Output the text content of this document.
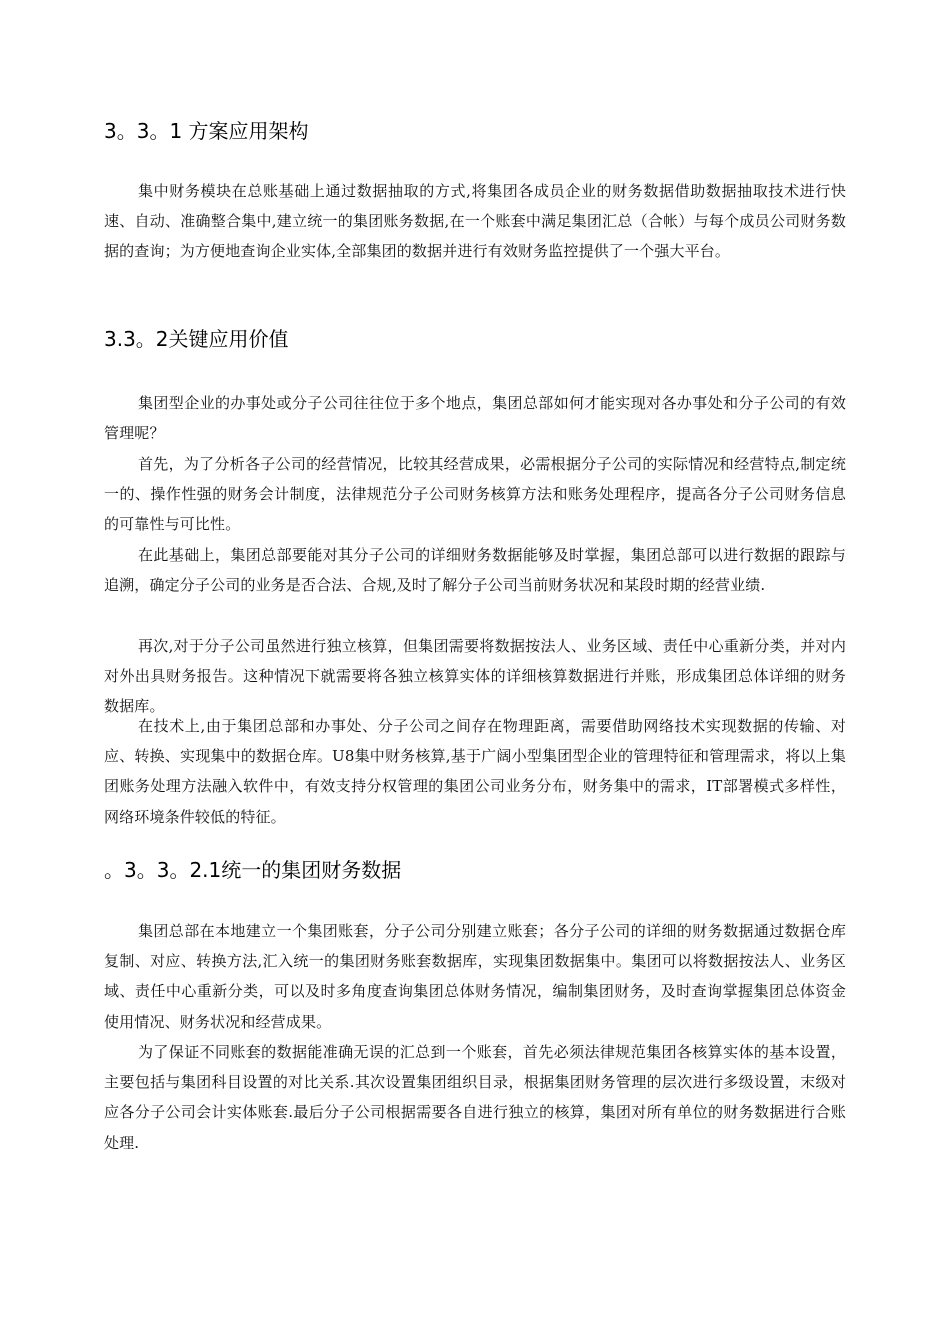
3。3。1 方案应用架构

集中财务模块在总账基础上通过数据抽取的方式,将集团各成员企业的财务数据借助数据抽取技术进行快速、自动、准确整合集中,建立统一的集团账务数据,在一个账套中满足集团汇总（合帐）与每个成员公司财务数据的查询；为方便地查询企业实体,全部集团的数据并进行有效财务监控提供了一个强大平台。

3.3。2关键应用价值

集团型企业的办事处或分子公司往往位于多个地点，集团总部如何才能实现对各办事处和分子公司的有效管理呢？

首先，为了分析各子公司的经营情况，比较其经营成果，必需根据分子公司的实际情况和经营特点,制定统一的、操作性强的财务会计制度，法律规范分子公司财务核算方法和账务处理程序，提高各分子公司财务信息的可靠性与可比性。

在此基础上，集团总部要能对其分子公司的详细财务数据能够及时掌握，集团总部可以进行数据的跟踪与追溯，确定分子公司的业务是否合法、合规,及时了解分子公司当前财务状况和某段时期的经营业绩.

再次,对于分子公司虽然进行独立核算，但集团需要将数据按法人、业务区域、责任中心重新分类，并对内对外出具财务报告。这种情况下就需要将各独立核算实体的详细核算数据进行并账，形成集团总体详细的财务数据库。

在技术上,由于集团总部和办事处、分子公司之间存在物理距离，需要借助网络技术实现数据的传输、对应、转换、实现集中的数据仓库。U8集中财务核算,基于广阔小型集团型企业的管理特征和管理需求，将以上集团账务处理方法融入软件中，有效支持分权管理的集团公司业务分布，财务集中的需求，IT部署模式多样性，网络环境条件较低的特征。

。3。3。2.1统一的集团财务数据

集团总部在本地建立一个集团账套，分子公司分别建立账套；各分子公司的详细的财务数据通过数据仓库复制、对应、转换方法,汇入统一的集团财务账套数据库，实现集团数据集中。集团可以将数据按法人、业务区域、责任中心重新分类，可以及时多角度查询集团总体财务情况，编制集团财务，及时查询掌握集团总体资金使用情况、财务状况和经营成果。

为了保证不同账套的数据能准确无误的汇总到一个账套，首先必须法律规范集团各核算实体的基本设置，主要包括与集团科目设置的对比关系.其次设置集团组织目录，根据集团财务管理的层次进行多级设置，末级对应各分子公司会计实体账套.最后分子公司根据需要各自进行独立的核算，集团对所有单位的财务数据进行合账处理.
